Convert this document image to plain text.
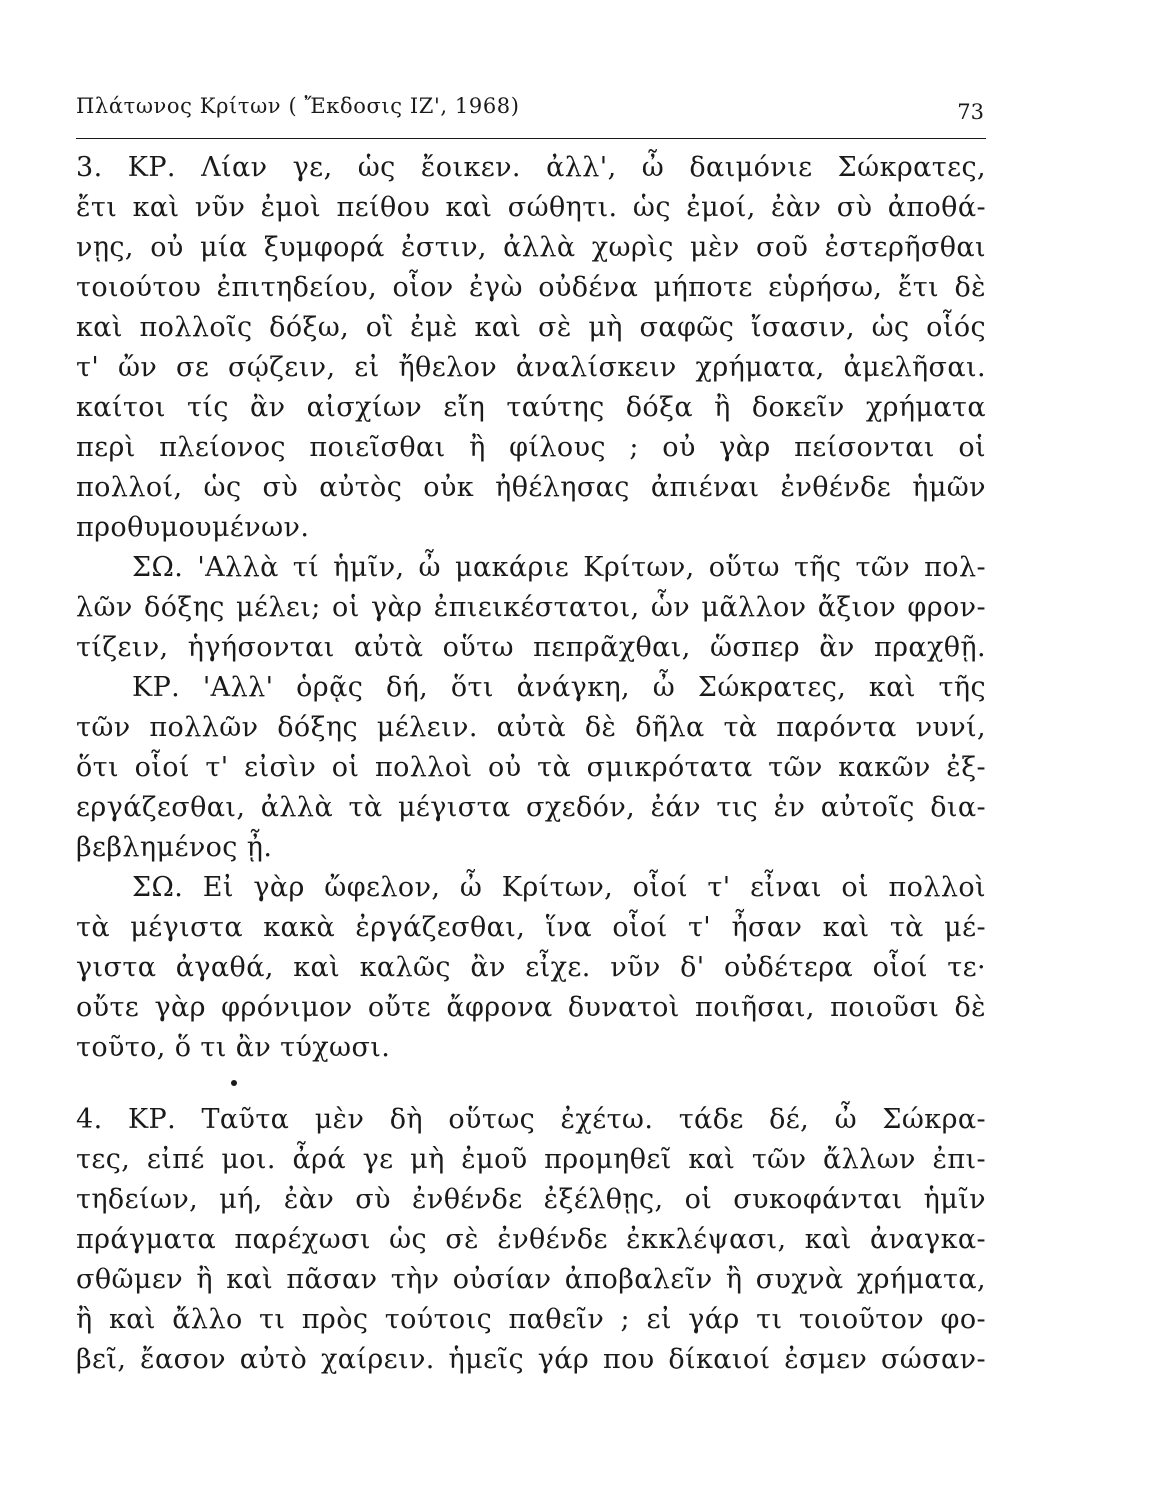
Πλάτωνος Κρίτων ( Ἔκδοσις ΙΖ', 1968)	73
3. ΚΡ. Λίαν γε, ὡς ἔοικεν. ἀλλ', ὦ δαιμόνιε Σώκρατες,
ἔτι καὶ νῦν ἐμοὶ πείθου καὶ σώθητι. ὡς ἐμοί, ἐὰν σὺ ἀποθά-
νῃς, οὐ μία ξυμφορά ἐστιν, ἀλλὰ χωρὶς μὲν σοῦ ἐστερῆσθαι
τοιούτου ἐπιτηδείου, οἷον ἐγὼ οὐδένα μήποτε εὑρήσω, ἔτι δὲ
καὶ πολλοῖς δόξω, οἳ ἐμὲ καὶ σὲ μὴ σαφῶς ἴσασιν, ὡς οἷός
τ' ὤν σε σῴζειν, εἰ ἤθελον ἀναλίσκειν χρήματα, ἀμελῆσαι.
καίτοι τίς ἂν αἰσχίων εἴη ταύτης δόξα ἢ δοκεῖν χρήματα
περὶ πλείονος ποιεῖσθαι ἢ φίλους ; οὐ γὰρ πείσονται οἱ
πολλοί, ὡς σὺ αὐτὸς οὐκ ἠθέλησας ἀπιέναι ἐνθένδε ἡμῶν
προθυμουμένων.
ΣΩ. 'Αλλὰ τί ἡμῖν, ὦ μακάριε Κρίτων, οὕτω τῆς τῶν πολ-
λῶν δόξης μέλει; οἱ γὰρ ἐπιεικέστατοι, ὧν μᾶλλον ἄξιον φρον-
τίζειν, ἡγήσονται αὐτὰ οὕτω πεπρᾶχθαι, ὥσπερ ἂν πραχθῇ.
ΚΡ. 'Αλλ' ὁρᾷς δή, ὅτι ἀνάγκη, ὦ Σώκρατες, καὶ τῆς
τῶν πολλῶν δόξης μέλειν. αὐτὰ δὲ δῆλα τὰ παρόντα νυνί,
ὅτι οἷοί τ' εἰσὶν οἱ πολλοὶ οὐ τὰ σμικρότατα τῶν κακῶν ἐξ-
εργάζεσθαι, ἀλλὰ τὰ μέγιστα σχεδόν, ἐάν τις ἐν αὐτοῖς δια-
βεβλημένος ᾖ.
ΣΩ. Εἰ γὰρ ὤφελον, ὦ Κρίτων, οἷοί τ' εἶναι οἱ πολλοὶ
τὰ μέγιστα κακὰ ἐργάζεσθαι, ἵνα οἷοί τ' ἦσαν καὶ τὰ μέ-
γιστα ἀγαθά, καὶ καλῶς ἂν εἶχε. νῦν δ' οὐδέτερα οἷοί τε·
οὔτε γὰρ φρόνιμον οὔτε ἄφρονα δυνατοὶ ποιῆσαι, ποιοῦσι δὲ
τοῦτο, ὅ τι ἂν τύχωσι.
4. ΚΡ. Ταῦτα μὲν δὴ οὕτως ἐχέτω. τάδε δέ, ὦ Σώκρα-
τες, εἰπέ μοι. ἆρά γε μὴ ἐμοῦ προμηθεῖ καὶ τῶν ἄλλων ἐπι-
τηδείων, μή, ἐὰν σὺ ἐνθένδε ἐξέλθῃς, οἱ συκοφάνται ἡμῖν
πράγματα παρέχωσι ὡς σὲ ἐνθένδε ἐκκλέψασι, καὶ ἀναγκα-
σθῶμεν ἢ καὶ πᾶσαν τὴν οὐσίαν ἀποβαλεῖν ἢ συχνὰ χρήματα,
ἢ καὶ ἄλλο τι πρὸς τούτοις παθεῖν ; εἰ γάρ τι τοιοῦτον φο-
βεῖ, ἔασον αὐτὸ χαίρειν. ἡμεῖς γάρ που δίκαιοί ἐσμεν σώσαν-
